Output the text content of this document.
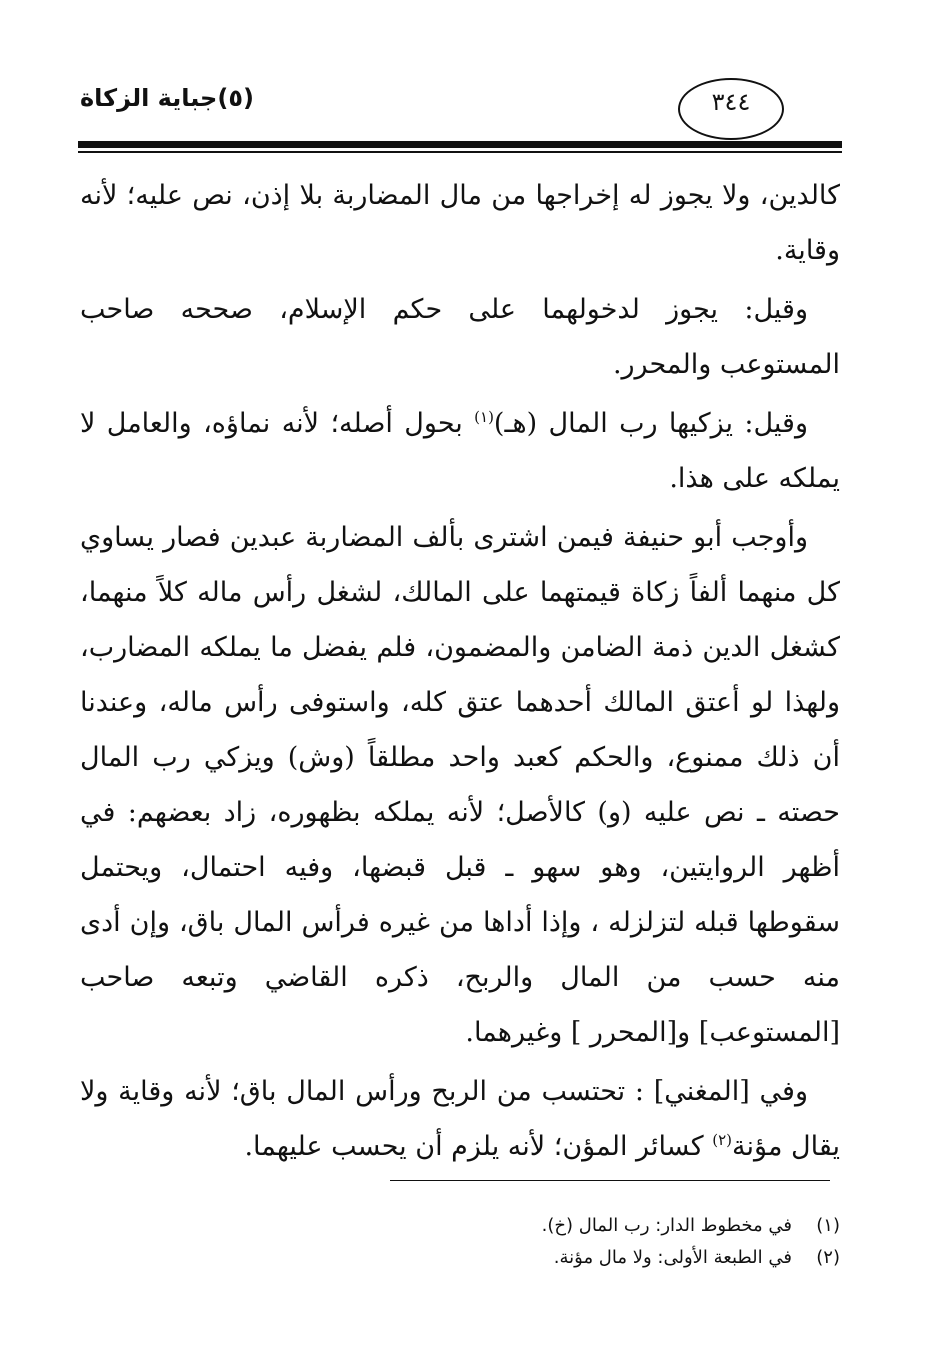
(٥)جباية الزكاة	٣٤٤

كالدين، ولا يجوز له إخراجها من مال المضاربة بلا إذن، نص عليه؛ لأنه وقاية.

وقيل: يجوز لدخولهما على حكم الإسلام، صححه صاحب المستوعب والمحرر.

وقيل: يزكيها رب المال (هـ)$^{(١)}$ بحول أصله؛ لأنه نماؤه، والعامل لا يملكه على هذا.

وأوجب أبو حنيفة فيمن اشترى بألف المضاربة عبدين فصار يساوي كل منهما ألفاً زكاة قيمتهما على المالك، لشغل رأس ماله كلاً منهما، كشغل الدين ذمة الضامن والمضمون، فلم يفضل ما يملكه المضارب، ولهذا لو أعتق المالك أحدهما عتق كله، واستوفى رأس ماله، وعندنا أن ذلك ممنوع، والحكم كعبد واحد مطلقاً (وش) ويزكي رب المال حصته ـ نص عليه (و) كالأصل؛ لأنه يملكه بظهوره، زاد بعضهم: في أظهر الروايتين، وهو سهو ـ قبل قبضها، وفيه احتمال، ويحتمل سقوطها قبله لتزلزله ، وإذا أداها من غيره فرأس المال باق، وإن أدى منه حسب من المال والربح، ذكره القاضي وتبعه صاحب [المستوعب] و[المحرر ] وغيرهما.

وفي [المغني] : تحتسب من الربح ورأس المال باق؛ لأنه وقاية ولا يقال مؤنة$^{(٢)}$ كسائر المؤن؛ لأنه يلزم أن يحسب عليهما.

(١)
في مخطوط الدار: رب المال (خ).
(٢)
في الطبعة الأولى: ولا مال مؤنة.
